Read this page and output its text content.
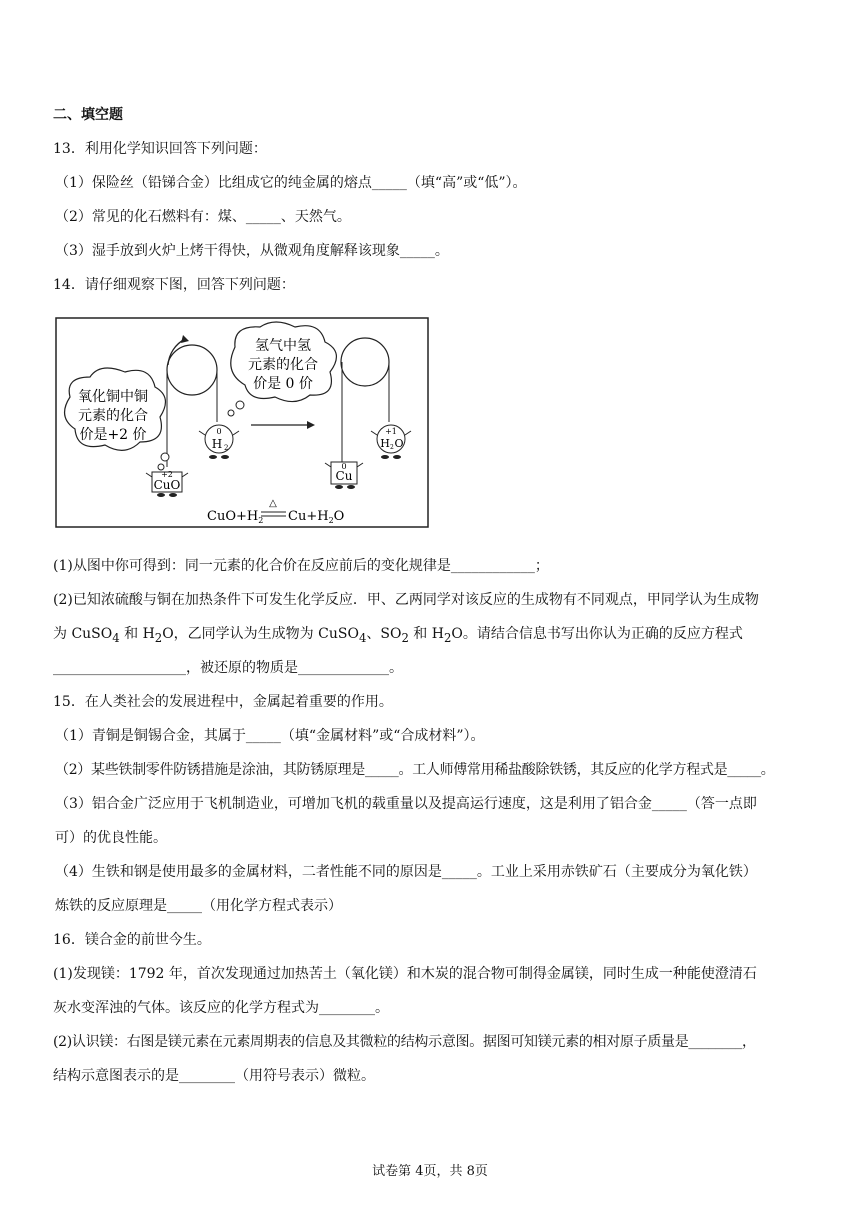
二、填空题
13．利用化学知识回答下列问题：
（1）保险丝（铅锑合金）比组成它的纯金属的熔点_____（填“高”或“低”）。
（2）常见的化石燃料有：煤、_____、天然气。
（3）湿手放到火炉上烤干得快，从微观角度解释该现象_____。
14．请仔细观察下图，回答下列问题：
氧化铜中铜
元素的化合
价是+2 价
氢气中氢
元素的化合
价是 0 价
0
H 2
+2
CuO
0
Cu
+1
H 2 O
$CuO+H_2$
△
$Cu+H_2O$
(1)从图中你可得到：同一元素的化合价在反应前后的变化规律是____________；
(2)已知浓硫酸与铜在加热条件下可发生化学反应．甲、乙两同学对该反应的生成物有不同观点，甲同学认为生成物
为 CuSO$_4$ 和 $H_2O$，乙同学认为生成物为 CuSO$_4$、$SO_2$ 和 $H_2O$。请结合信息书写出你认为正确的反应方程式
___________________，被还原的物质是_____________。
15．在人类社会的发展进程中，金属起着重要的作用。
（1）青铜是铜锡合金，其属于_____（填“金属材料”或“合成材料”）。
（2）某些铁制零件防锈措施是涂油，其防锈原理是_____。工人师傅常用稀盐酸除铁锈，其反应的化学方程式是_____。
（3）铝合金广泛应用于飞机制造业，可增加飞机的载重量以及提高运行速度，这是利用了铝合金_____（答一点即
可）的优良性能。
（4）生铁和钢是使用最多的金属材料，二者性能不同的原因是_____。工业上采用赤铁矿石（主要成分为氧化铁）
炼铁的反应原理是_____（用化学方程式表示）
16．镁合金的前世今生。
(1)发现镁：1792 年，首次发现通过加热苦土（氧化镁）和木炭的混合物可制得金属镁，同时生成一种能使澄清石
灰水变浑浊的气体。该反应的化学方程式为________。
(2)认识镁：右图是镁元素在元素周期表的信息及其微粒的结构示意图。据图可知镁元素的相对原子质量是________，
结构示意图表示的是________（用符号表示）微粒。
试卷第 4页，共 8页
